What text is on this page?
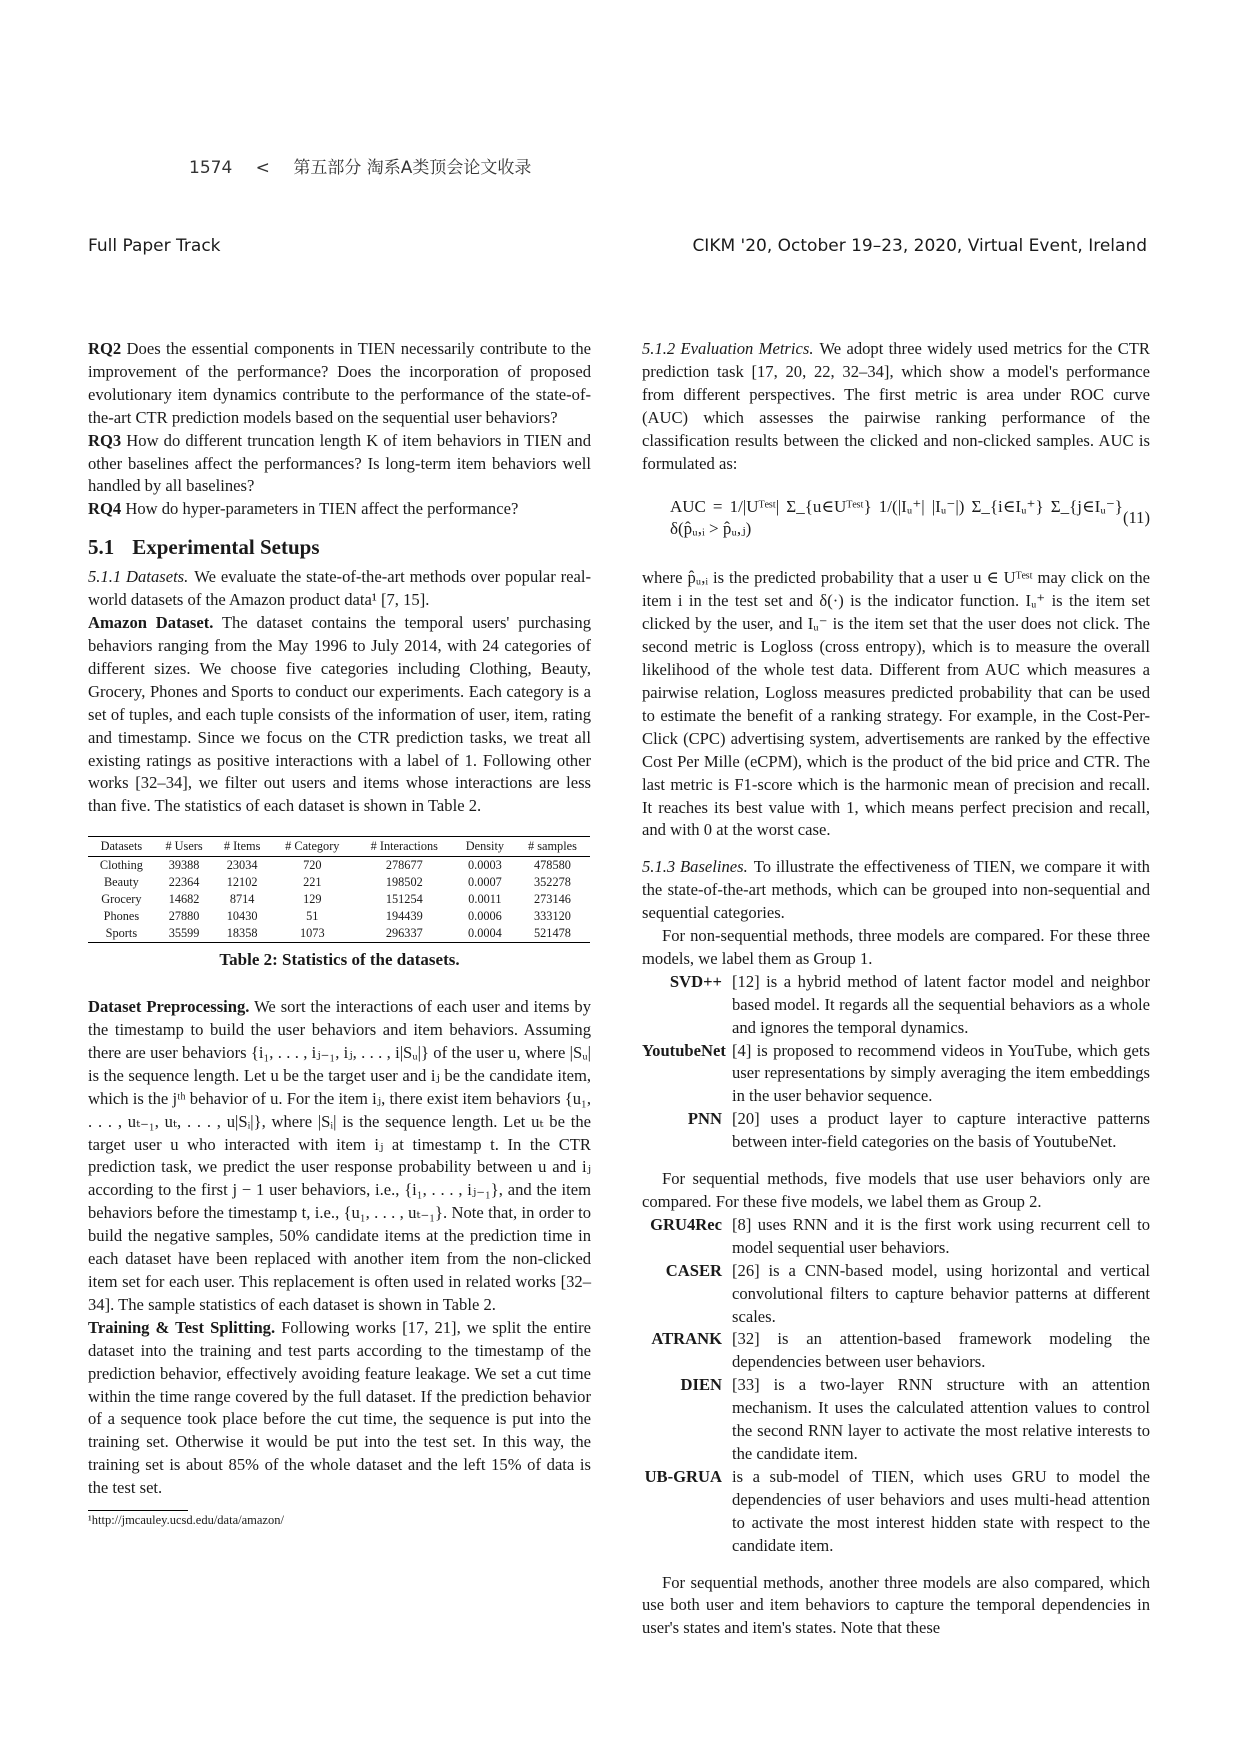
1574 < 第五部分 淘系A类顶会论文收录
Full Paper Track	CIKM '20, October 19–23, 2020, Virtual Event, Ireland

RQ2 Does the essential components in TIEN necessarily contribute to the improvement of the performance? Does the incorporation of proposed evolutionary item dynamics contribute to the performance of the state-of-the-art CTR prediction models based on the sequential user behaviors?

RQ3 How do different truncation length K of item behaviors in TIEN and other baselines affect the performances? Is long-term item behaviors well handled by all baselines?

RQ4 How do hyper-parameters in TIEN affect the performance?

5.1 Experimental Setups

5.1.1 Datasets. We evaluate the state-of-the-art methods over popular real-world datasets of the Amazon product data¹ [7, 15].

Amazon Dataset. The dataset contains the temporal users' purchasing behaviors ranging from the May 1996 to July 2014, with 24 categories of different sizes. We choose five categories including Clothing, Beauty, Grocery, Phones and Sports to conduct our experiments. Each category is a set of tuples, and each tuple consists of the information of user, item, rating and timestamp. Since we focus on the CTR prediction tasks, we treat all existing ratings as positive interactions with a label of 1. Following other works [32–34], we filter out users and items whose interactions are less than five. The statistics of each dataset is shown in Table 2.

Datasets	# Users	# Items	# Category	# Interactions	Density	# samples
Clothing	39388	23034	720	278677	0.0003	478580
Beauty	22364	12102	221	198502	0.0007	352278
Grocery	14682	8714	129	151254	0.0011	273146
Phones	27880	10430	51	194439	0.0006	333120
Sports	35599	18358	1073	296337	0.0004	521478
Table 2: Statistics of the datasets.

Dataset Preprocessing. We sort the interactions of each user and items by the timestamp to build the user behaviors and item behaviors. Assuming there are user behaviors {i₁, . . . , iⱼ₋₁, iⱼ, . . . , i|Sᵤ|} of the user u, where |Sᵤ| is the sequence length. Let u be the target user and iⱼ be the candidate item, which is the jᵗʰ behavior of u. For the item iⱼ, there exist item behaviors {u₁, . . . , uₜ₋₁, uₜ, . . . , u|Sᵢ|}, where |Sᵢ| is the sequence length. Let uₜ be the target user u who interacted with item iⱼ at timestamp t. In the CTR prediction task, we predict the user response probability between u and iⱼ according to the first j − 1 user behaviors, i.e., {i₁, . . . , iⱼ₋₁}, and the item behaviors before the timestamp t, i.e., {u₁, . . . , uₜ₋₁}. Note that, in order to build the negative samples, 50% candidate items at the prediction time in each dataset have been replaced with another item from the non-clicked item set for each user. This replacement is often used in related works [32–34]. The sample statistics of each dataset is shown in Table 2.

Training & Test Splitting. Following works [17, 21], we split the entire dataset into the training and test parts according to the timestamp of the prediction behavior, effectively avoiding feature leakage. We set a cut time within the time range covered by the full dataset. If the prediction behavior of a sequence took place before the cut time, the sequence is put into the training set. Otherwise it would be put into the test set. In this way, the training set is about 85% of the whole dataset and the left 15% of data is the test set.

¹http://jmcauley.ucsd.edu/data/amazon/

5.1.2 Evaluation Metrics. We adopt three widely used metrics for the CTR prediction task [17, 20, 22, 32–34], which show a model's performance from different perspectives. The first metric is area under ROC curve (AUC) which assesses the pairwise ranking performance of the classification results between the clicked and non-clicked samples. AUC is formulated as:

AUC = 1/|Uᵀᵉˢᵗ| Σ_{u∈Uᵀᵉˢᵗ} 1/(|Iᵤ⁺| |Iᵤ⁻|) Σ_{i∈Iᵤ⁺} Σ_{j∈Iᵤ⁻} δ(p̂ᵤ,ᵢ > p̂ᵤ,ⱼ)
(11)

where p̂ᵤ,ᵢ is the predicted probability that a user u ∈ Uᵀᵉˢᵗ may click on the item i in the test set and δ(·) is the indicator function. Iᵤ⁺ is the item set clicked by the user, and Iᵤ⁻ is the item set that the user does not click. The second metric is Logloss (cross entropy), which is to measure the overall likelihood of the whole test data. Different from AUC which measures a pairwise relation, Logloss measures predicted probability that can be used to estimate the benefit of a ranking strategy. For example, in the Cost-Per-Click (CPC) advertising system, advertisements are ranked by the effective Cost Per Mille (eCPM), which is the product of the bid price and CTR. The last metric is F1-score which is the harmonic mean of precision and recall. It reaches its best value with 1, which means perfect precision and recall, and with 0 at the worst case.

5.1.3 Baselines. To illustrate the effectiveness of TIEN, we compare it with the state-of-the-art methods, which can be grouped into non-sequential and sequential categories.

For non-sequential methods, three models are compared. For these three models, we label them as Group 1.

SVD++ [12] is a hybrid method of latent factor model and neighbor based model. It regards all the sequential behaviors as a whole and ignores the temporal dynamics.
YoutubeNet [4] is proposed to recommend videos in YouTube, which gets user representations by simply averaging the item embeddings in the user behavior sequence.
PNN [20] uses a product layer to capture interactive patterns between inter-field categories on the basis of YoutubeNet.

For sequential methods, five models that use user behaviors only are compared. For these five models, we label them as Group 2.

GRU4Rec [8] uses RNN and it is the first work using recurrent cell to model sequential user behaviors.
CASER [26] is a CNN-based model, using horizontal and vertical convolutional filters to capture behavior patterns at different scales.
ATRANK [32] is an attention-based framework modeling the dependencies between user behaviors.
DIEN [33] is a two-layer RNN structure with an attention mechanism. It uses the calculated attention values to control the second RNN layer to activate the most relative interests to the candidate item.
UB-GRUA is a sub-model of TIEN, which uses GRU to model the dependencies of user behaviors and uses multi-head attention to activate the most interest hidden state with respect to the candidate item.

For sequential methods, another three models are also compared, which use both user and item behaviors to capture the temporal dependencies in user's states and item's states. Note that these
